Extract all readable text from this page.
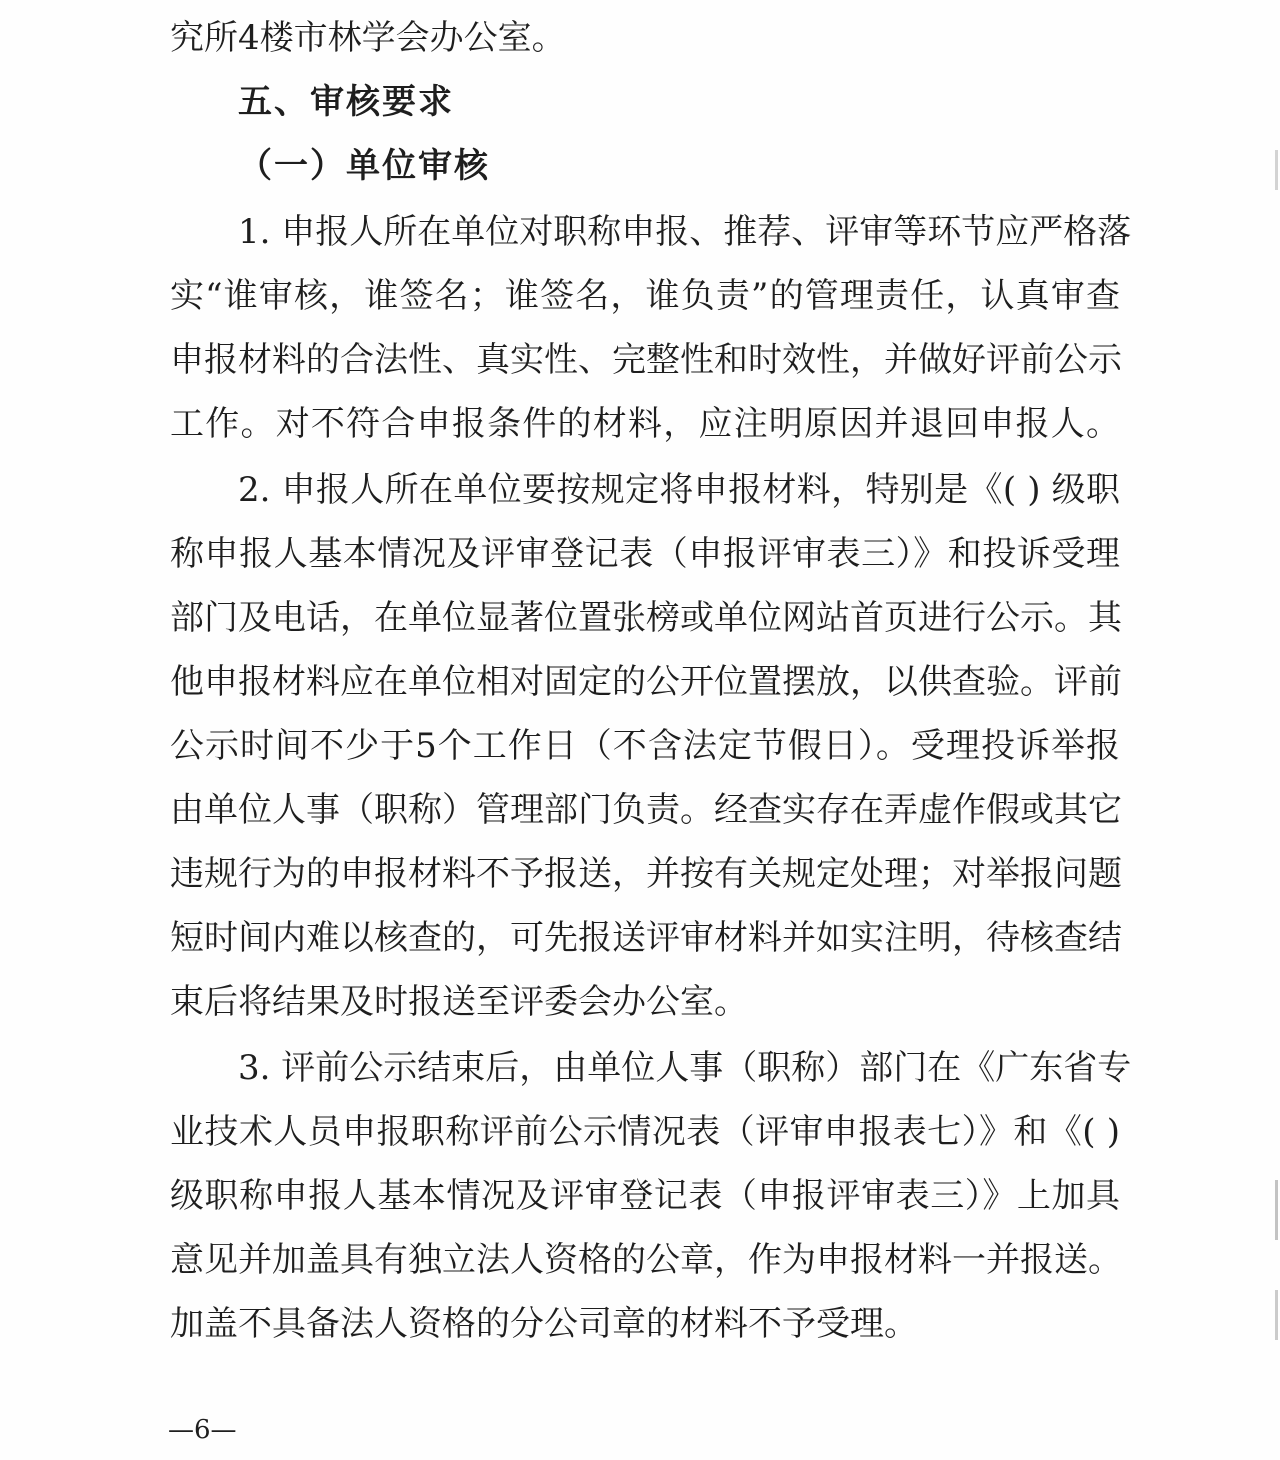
究所4楼市林学会办公室。
五、审核要求
（一）单位审核
1. 申报人所在单位对职称申报、推荐、评审等环节应严格落
实“谁审核，谁签名；谁签名，谁负责”的管理责任，认真审查
申报材料的合法性、真实性、完整性和时效性，并做好评前公示
工作。对不符合申报条件的材料，应注明原因并退回申报人。
2. 申报人所在单位要按规定将申报材料，特别是《( ) 级职
称申报人基本情况及评审登记表（申报评审表三）》和投诉受理
部门及电话，在单位显著位置张榜或单位网站首页进行公示。其
他申报材料应在单位相对固定的公开位置摆放，以供查验。评前
公示时间不少于5个工作日（不含法定节假日）。受理投诉举报
由单位人事（职称）管理部门负责。经查实存在弄虚作假或其它
违规行为的申报材料不予报送，并按有关规定处理；对举报问题
短时间内难以核查的，可先报送评审材料并如实注明，待核查结
束后将结果及时报送至评委会办公室。
3. 评前公示结束后，由单位人事（职称）部门在《广东省专
业技术人员申报职称评前公示情况表（评审申报表七）》和《( )
级职称申报人基本情况及评审登记表（申报评审表三）》上加具
意见并加盖具有独立法人资格的公章，作为申报材料一并报送。
加盖不具备法人资格的分公司章的材料不予受理。
—6—
